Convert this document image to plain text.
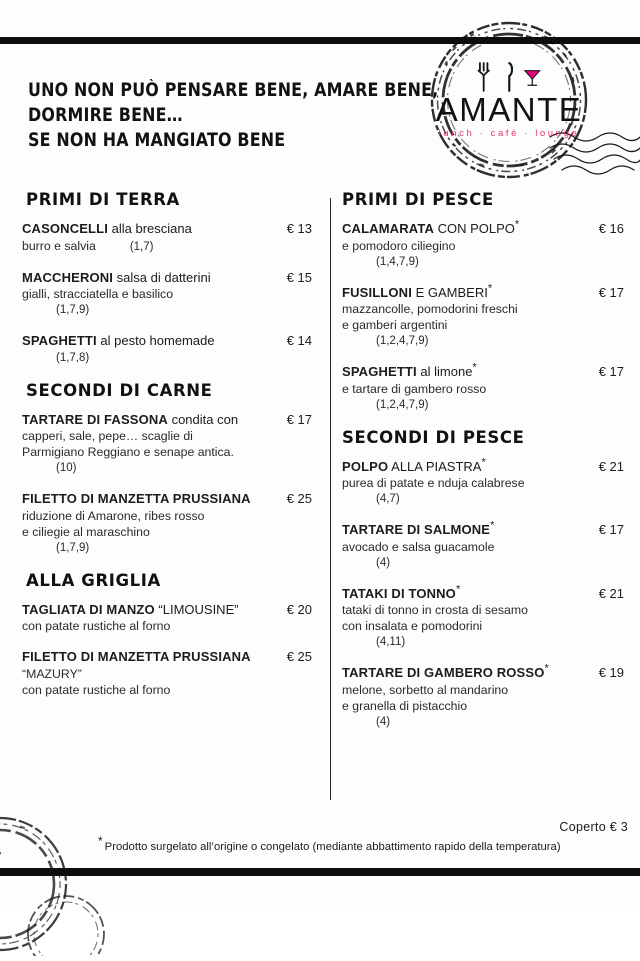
UNO NON PUÒ PENSARE BENE, AMARE BENE,
DORMIRE BENE…
SE NON HA MANGIATO BENE
AMANTE
lunch · café · lounge
PRIMI DI TERRA
€ 13
CASONCELLI alla bresciana
burro e salvia	(1,7)
€ 15
MACCHERONI salsa di datterini
gialli, stracciatella e basilico
(1,7,9)
€ 14
SPAGHETTI al pesto homemade
(1,7,8)
SECONDI DI CARNE
€ 17
TARTARE DI FASSONA condita con
capperi, sale, pepe… scaglie di
Parmigiano Reggiano e senape antica.
(10)
€ 25
FILETTO DI MANZETTA PRUSSIANA
riduzione di Amarone, ribes rosso
e ciliegie al maraschino
(1,7,9)
ALLA GRIGLIA
€ 20
TAGLIATA DI MANZO “LIMOUSINE”
con patate rustiche al forno
€ 25
FILETTO DI MANZETTA PRUSSIANA
“MAZURY”
con patate rustiche al forno
PRIMI DI PESCE
€ 16
CALAMARATA CON POLPO*
e pomodoro ciliegino
(1,4,7,9)
€ 17
FUSILLONI E GAMBERI*
mazzancolle, pomodorini freschi
e gamberi argentini
(1,2,4,7,9)
€ 17
SPAGHETTI al limone*
e tartare di gambero rosso
(1,2,4,7,9)
SECONDI DI PESCE
€ 21
POLPO ALLA PIASTRA*
purea di patate e nduja calabrese
(4,7)
€ 17
TARTARE DI SALMONE*
avocado e salsa guacamole
(4)
€ 21
TATAKI DI TONNO*
tataki di tonno in crosta di sesamo
con insalata e pomodorini
(4,11)
€ 19
TARTARE DI GAMBERO ROSSO*
melone, sorbetto al mandarino
e granella di pistacchio
(4)
Coperto € 3
* Prodotto surgelato all’origine o congelato (mediante abbattimento rapido della temperatura)
